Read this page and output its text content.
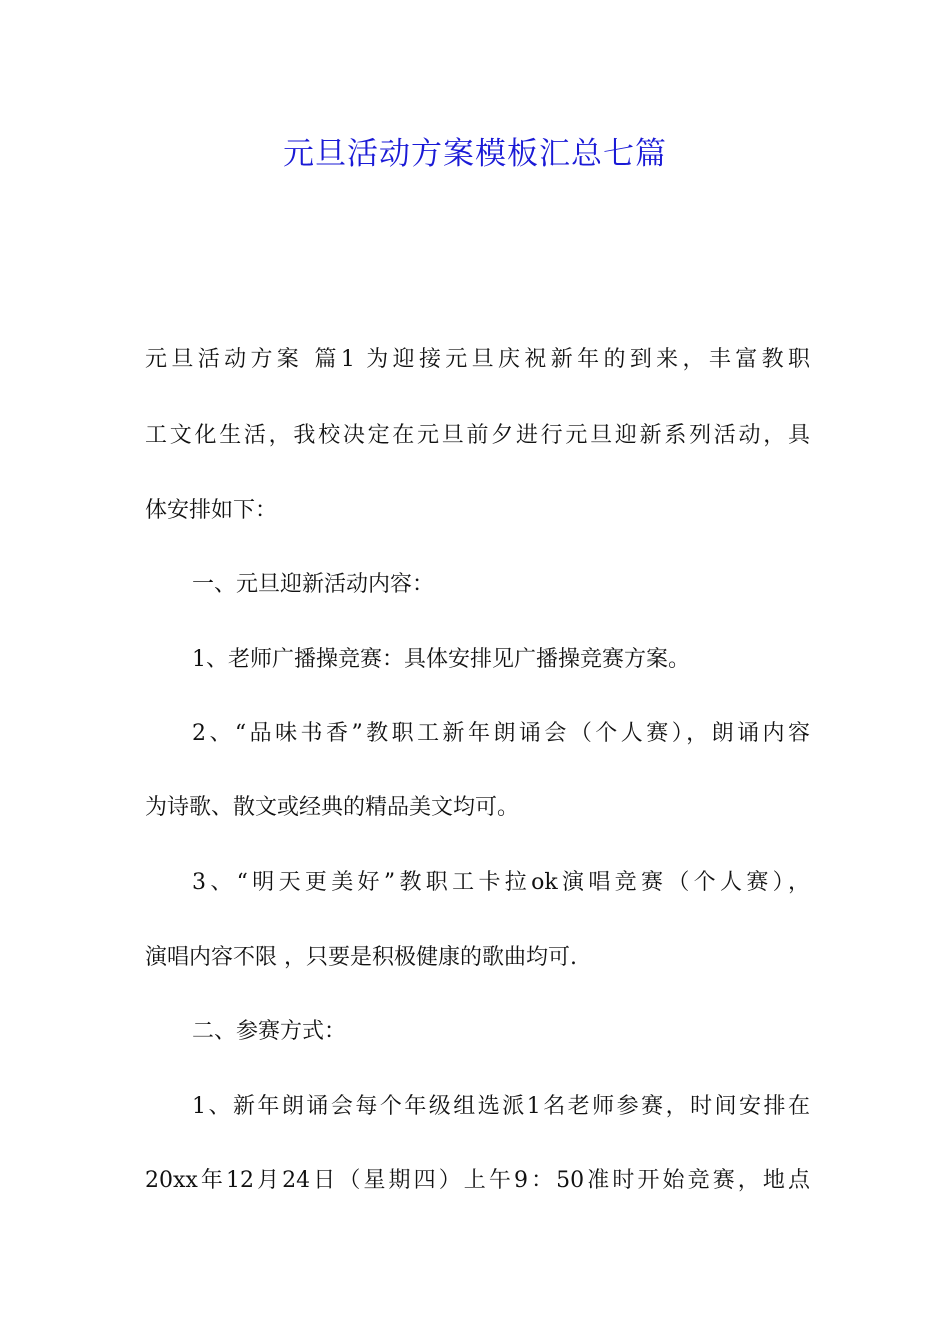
元旦活动方案模板汇总七篇

元旦活动方案 篇1 为迎接元旦庆祝新年的到来，丰富教职

工文化生活，我校决定在元旦前夕进行元旦迎新系列活动，具

体安排如下：

一、元旦迎新活动内容：

1、老师广播操竞赛：具体安排见广播操竞赛方案。

2、“品味书香”教职工新年朗诵会（个人赛），朗诵内容

为诗歌、散文或经典的精品美文均可。

3、“明天更美好”教职工卡拉ok演唱竞赛（个人赛），

演唱内容不限 ，只要是积极健康的歌曲均可.

二、参赛方式：

1、新年朗诵会每个年级组选派1名老师参赛，时间安排在

20xx年12月24日（星期四）上午9：50准时开始竞赛，地点
